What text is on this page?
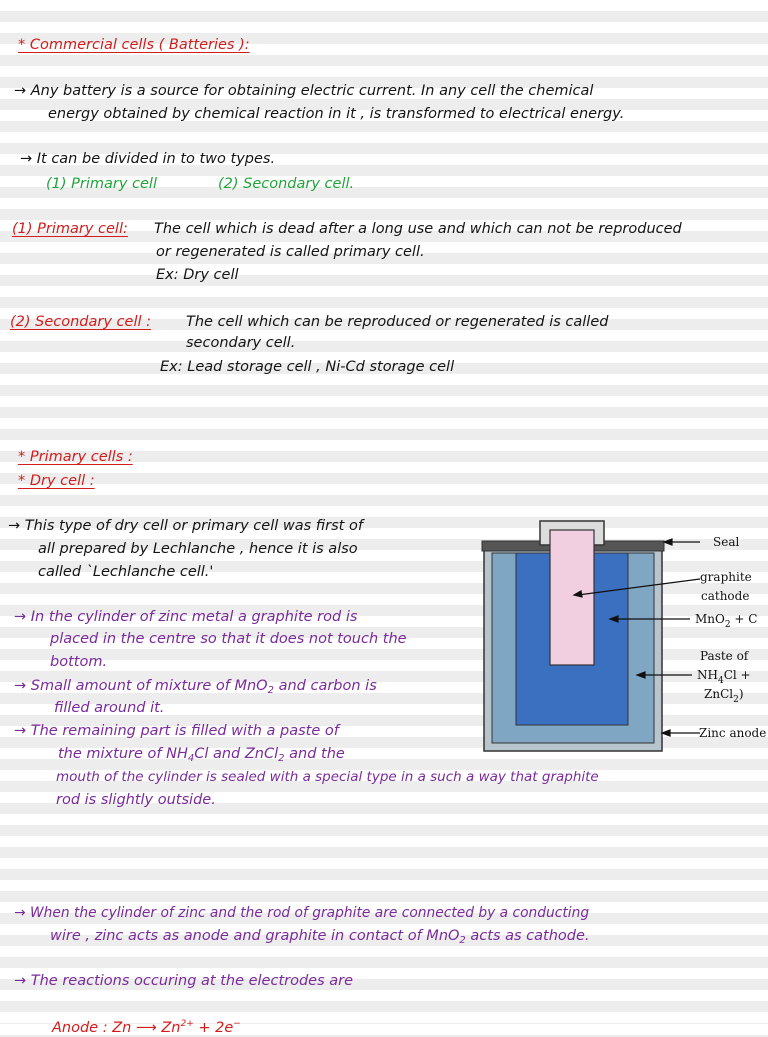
* Commercial cells ( Batteries ):
→ Any battery is a source for obtaining electric current. In any cell the chemical
energy obtained by chemical reaction in it , is transformed to electrical energy.
→ It can be divided in to two types.
(1) Primary cell	(2) Secondary cell.
(1) Primary cell: The cell which is dead after a long use and which can not be reproduced
or regenerated is called primary cell.
Ex: Dry cell
(2) Secondary cell : The cell which can be reproduced or regenerated is called
secondary cell.
Ex: Lead storage cell , Ni-Cd storage cell
* Primary cells :
* Dry cell :
→ This type of dry cell or primary cell was first of
all prepared by Lechlanche , hence it is also
called `Lechlanche cell.'
→ In the cylinder of zinc metal a graphite rod is
placed in the centre so that it does not touch the
bottom.
→ Small amount of mixture of MnO$_2$ and carbon is
filled around it.
→ The remaining part is filled with a paste of
the mixture of $NH_4Cl$ and ZnCl$_2$ and the
mouth of the cylinder is sealed with a special type in a such a way that graphite
rod is slightly outside.
Seal
graphite
cathode
MnO$_2$ + C
Paste of
$NH_4Cl$ +
ZnCl$_2$)
Zinc anode
→ When the cylinder of zinc and the rod of graphite are connected by a conducting
wire , zinc acts as anode and graphite in contact of MnO$_2$ acts as cathode.
→ The reactions occuring at the electrodes are
Anode : Zn ⟶ $Zn^{2+} + 2e^-$
